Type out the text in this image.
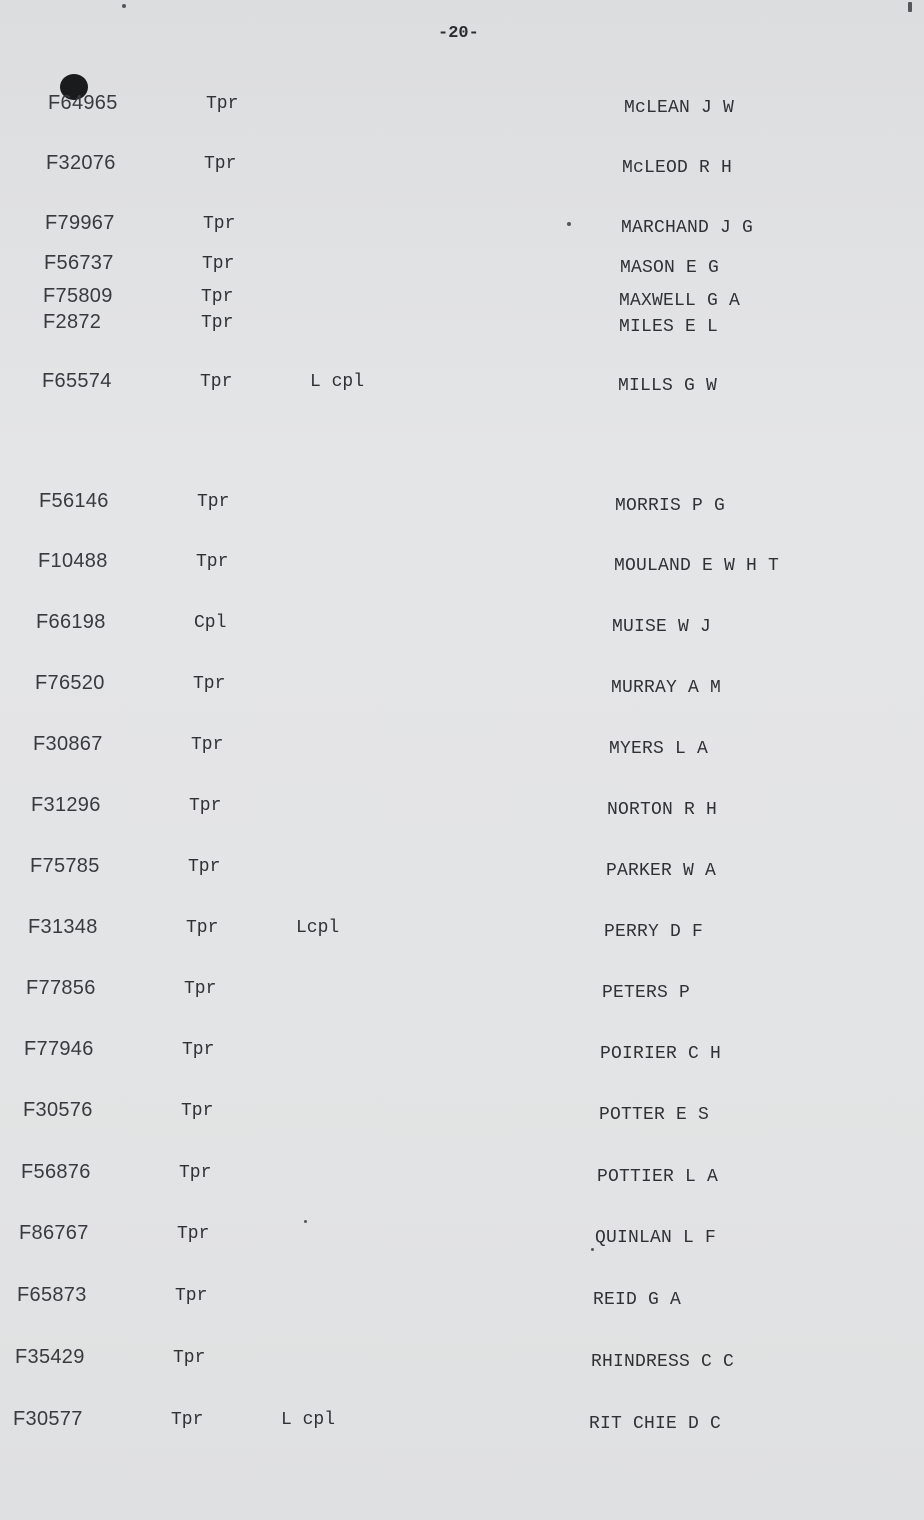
-20-
F64965	Tpr	McLEAN J W
F32076	Tpr	McLEOD R H
F79967	Tpr	MARCHAND J G
F56737	Tpr	MASON E G
F75809	Tpr	MAXWELL G A
F2872	Tpr	MILES E L
F65574	Tpr	L cpl	MILLS G W
F56146	Tpr	MORRIS P G
F10488	Tpr	MOULAND E W H T
F66198	Cpl	MUISE W J
F76520	Tpr	MURRAY A M
F30867	Tpr	MYERS L A
F31296	Tpr	NORTON R H
F75785	Tpr	PARKER W A
F31348	Tpr	Lcpl	PERRY D F
F77856	Tpr	PETERS P
F77946	Tpr	POIRIER C H
F30576	Tpr	POTTER E S
F56876	Tpr	POTTIER L A
F86767	Tpr	QUINLAN L F
F65873	Tpr	REID G A
F35429	Tpr	RHINDRESS C C
F30577	Tpr	L cpl	RIT CHIE D C
